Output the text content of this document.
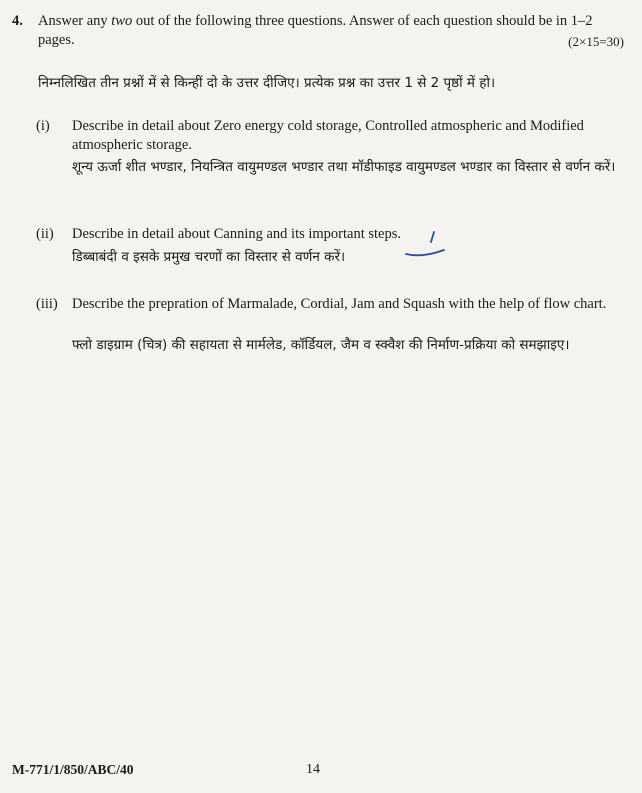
4. Answer any two out of the following three questions. Answer of each question should be in 1–2 pages.	(2×15=30)
निम्नलिखित तीन प्रश्नों में से किन्हीं दो के उत्तर दीजिए। प्रत्येक प्रश्न का उत्तर 1 से 2 पृष्ठों में हो।
(i) Describe in detail about Zero energy cold storage, Controlled atmospheric and Modified atmospheric storage.
शून्य ऊर्जा शीत भण्डार, नियन्त्रित वायुमण्डल भण्डार तथा मॉडीफाइड वायुमण्डल भण्डार का विस्तार से वर्णन करें।
(ii) Describe in detail about Canning and its important steps.
डिब्बाबंदी व इसके प्रमुख चरणों का विस्तार से वर्णन करें।
(iii) Describe the prepration of Marmalade, Cordial, Jam and Squash with the help of flow chart.
फ्लो डाइग्राम (चित्र) की सहायता से मार्मलेड, कॉर्डियल, जैम व स्क्वैश की निर्माण-प्रक्रिया को समझाइए।
M-771/1/850/ABC/40	14
